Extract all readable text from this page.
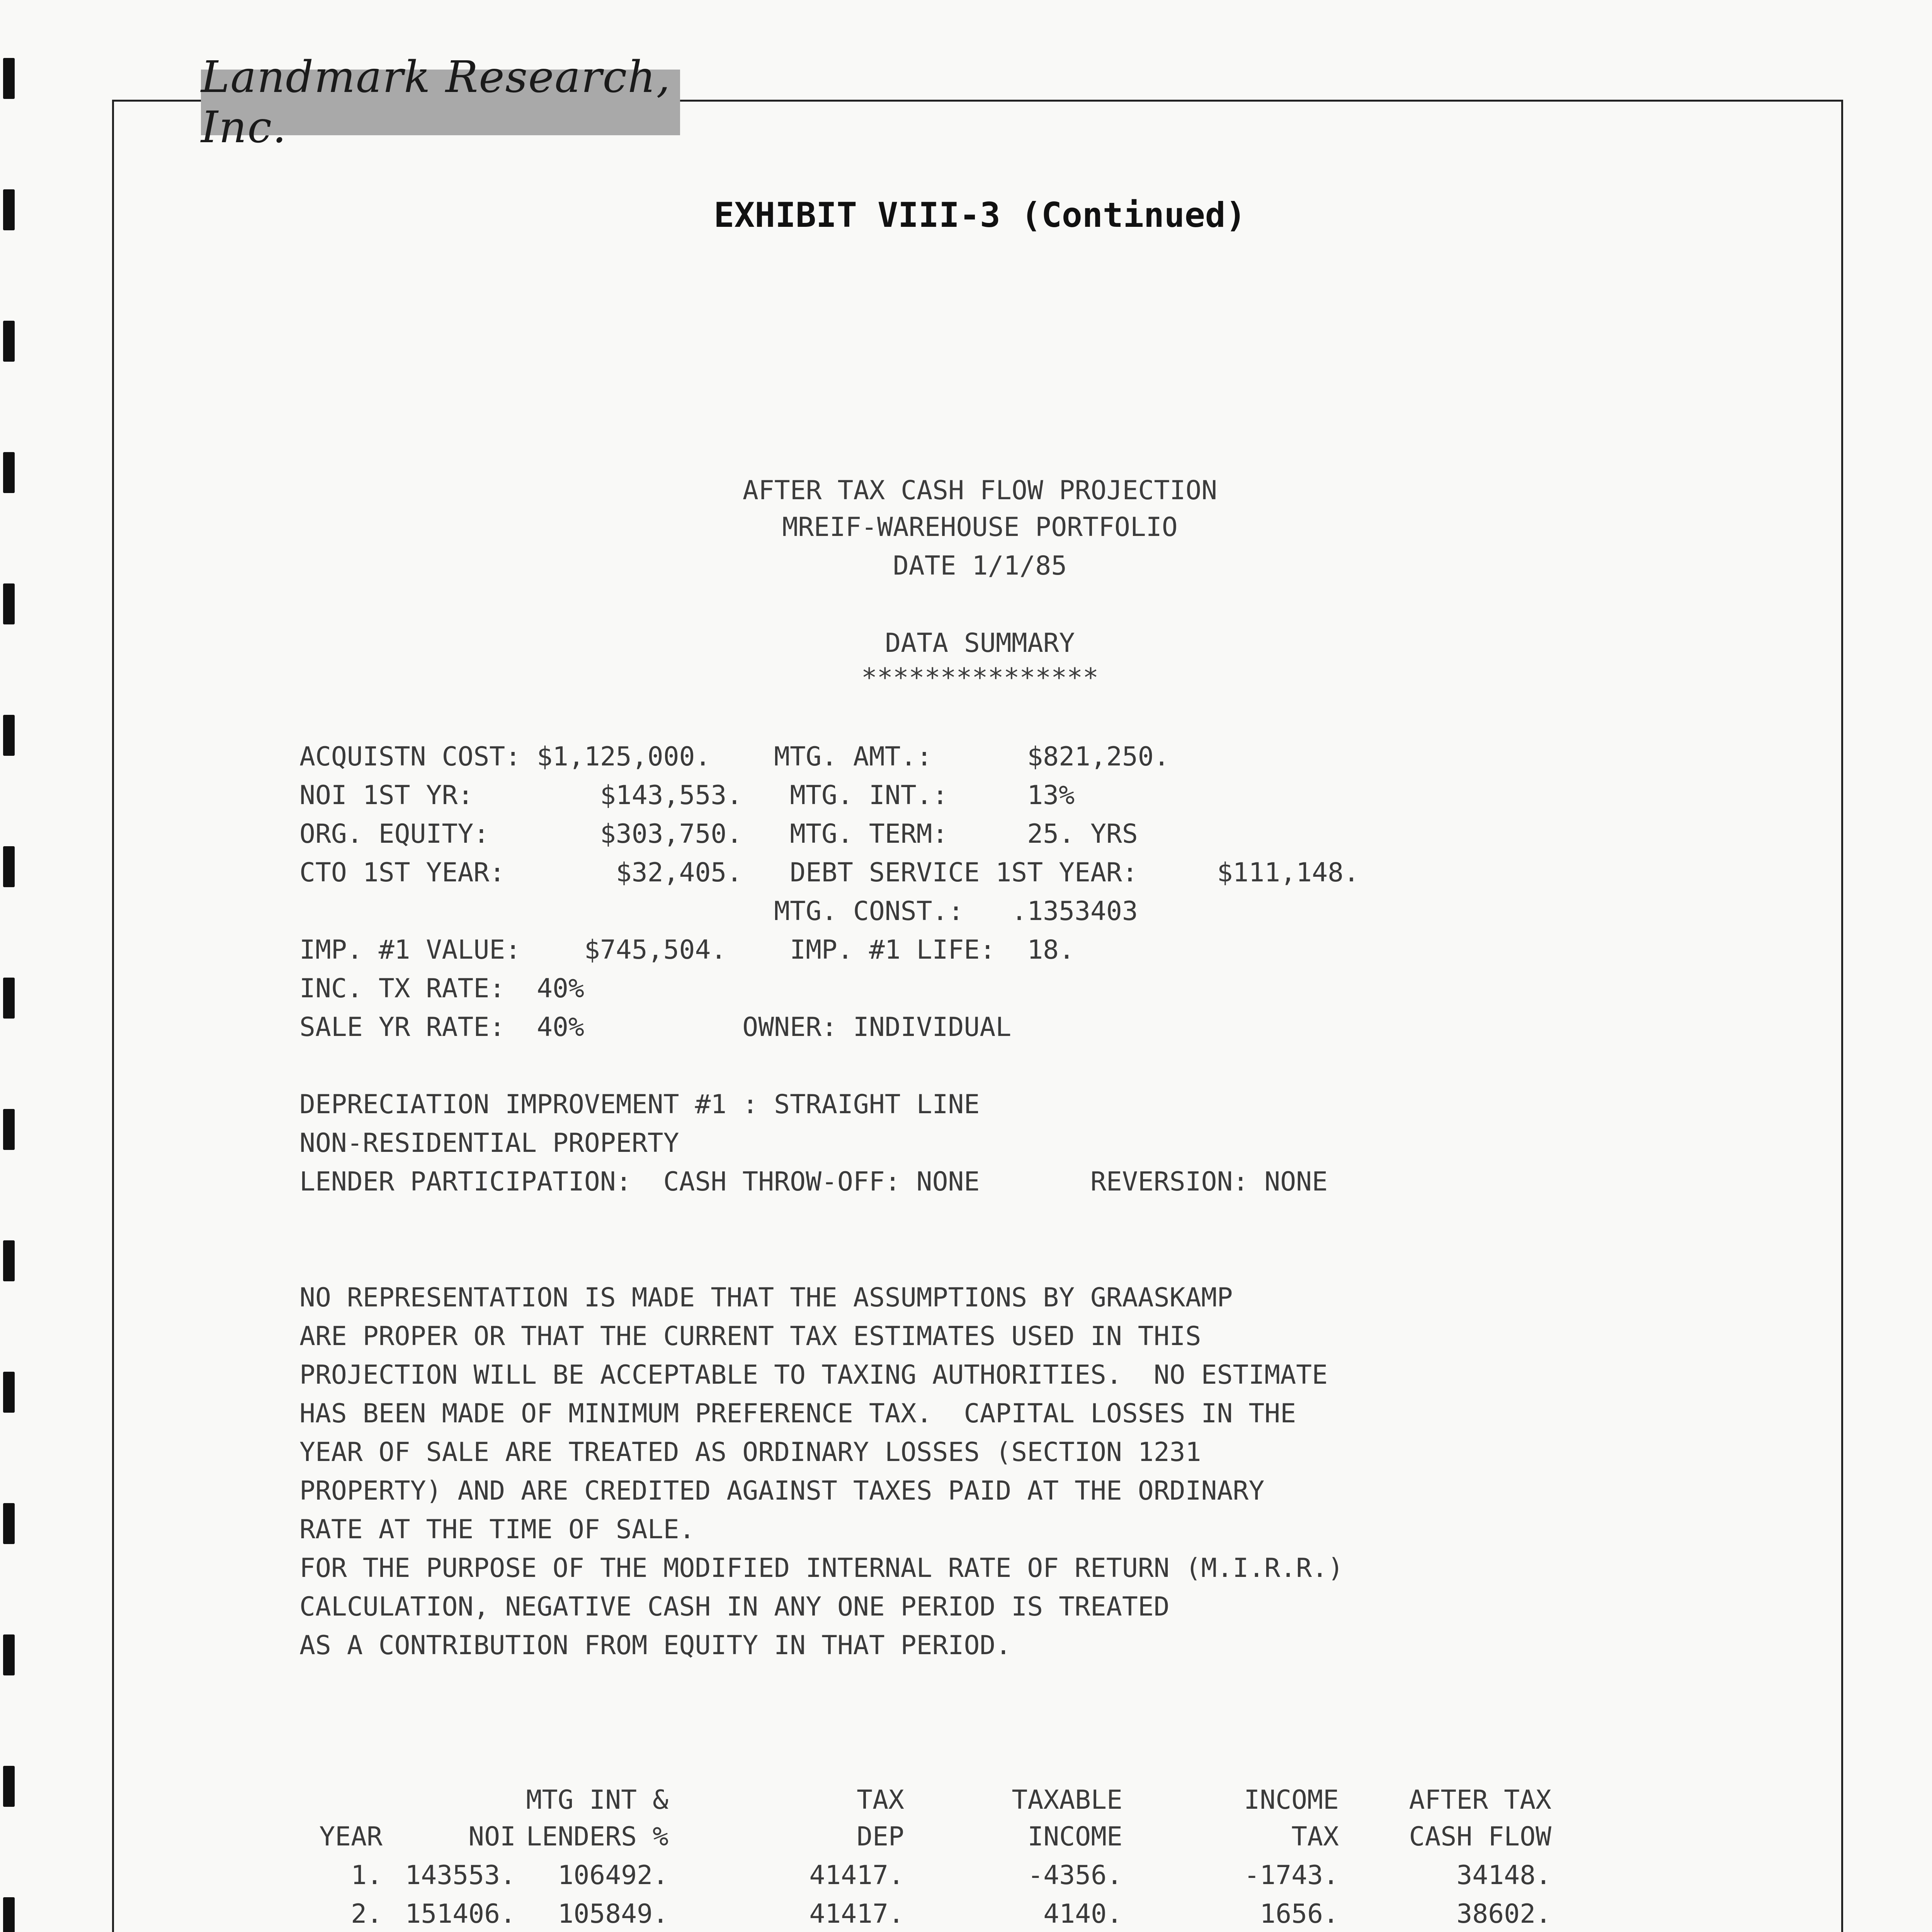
Landmark Research, Inc.
EXHIBIT VIII-3 (Continued)
AFTER TAX CASH FLOW PROJECTION
MREIF-WAREHOUSE PORTFOLIO
DATE 1/1/85
DATA SUMMARY
***************
ACQUISTN COST: $1,125,000.    MTG. AMT.:      $821,250.
NOI 1ST YR:        $143,553.   MTG. INT.:     13%
ORG. EQUITY:       $303,750.   MTG. TERM:     25. YRS
CTO 1ST YEAR:       $32,405.   DEBT SERVICE 1ST YEAR:     $111,148.
MTG. CONST.:   .1353403
IMP. #1 VALUE:    $745,504.    IMP. #1 LIFE:  18.
INC. TX RATE:  40%
SALE YR RATE:  40%          OWNER: INDIVIDUAL
DEPRECIATION IMPROVEMENT #1 : STRAIGHT LINE
NON-RESIDENTIAL PROPERTY
LENDER PARTICIPATION:  CASH THROW-OFF: NONE       REVERSION: NONE
NO REPRESENTATION IS MADE THAT THE ASSUMPTIONS BY GRAASKAMP
ARE PROPER OR THAT THE CURRENT TAX ESTIMATES USED IN THIS
PROJECTION WILL BE ACCEPTABLE TO TAXING AUTHORITIES.  NO ESTIMATE
HAS BEEN MADE OF MINIMUM PREFERENCE TAX.  CAPITAL LOSSES IN THE
YEAR OF SALE ARE TREATED AS ORDINARY LOSSES (SECTION 1231
PROPERTY) AND ARE CREDITED AGAINST TAXES PAID AT THE ORDINARY
RATE AT THE TIME OF SALE.
FOR THE PURPOSE OF THE MODIFIED INTERNAL RATE OF RETURN (M.I.R.R.)
CALCULATION, NEGATIVE CASH IN ANY ONE PERIOD IS TREATED
AS A CONTRIBUTION FROM EQUITY IN THAT PERIOD.
MTG INT &	TAX	TAXABLE	INCOME	AFTER TAX
YEAR	NOI LENDERS %	DEP	INCOME	TAX	CASH FLOW
1. 143553. 106492.	41417.	-4356.	-1743.	34148.
2. 151406. 105849.	41417.	4140.	1656.	38602.
